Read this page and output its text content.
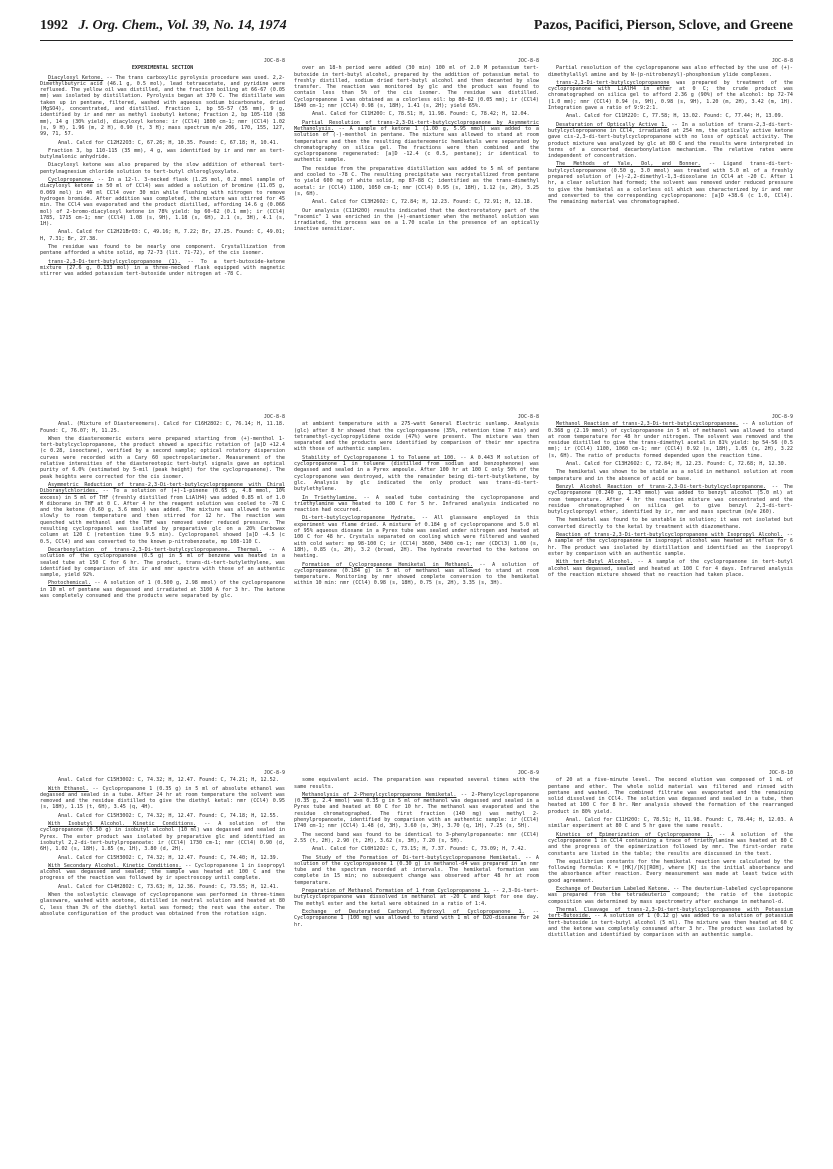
1992 J. Org. Chem., Vol. 39, No. 14, 1974	Pazos, Pacifici, Pierson, Sclove, and Greene
JOC-8-8
EXPERIMENTAL SECTION

Diacyloxyl Ketone. -- The trans carboxylic pyrolysis procedure was used. 2,2-Dimethylbutyric acid (46.1 g, 0.5 mol), lead tetraacetate, and pyridine were refluxed. The yellow oil was distilled, and the fraction boiling at 66-67 (0.05 mm) was isolated by distillation. Pyrolysis began at 370 C. The distillate was taken up in pentane, filtered, washed with aqueous sodium bicarbonate, dried (MgSO4), concentrated, and distilled. Fraction 1, bp 55-57 (35 mm), 9 g, identified by ir and nmr as methyl isobutyl ketone; Fraction 2, bp 105-110 (38 mm), 14 g (30% yield), diacyloxyl ketone: ir (CCl4) 1800 cm-1; nmr (CCl4) 1.02 (s, 9 H), 1.96 (m, 2 H), 0.90 (t, 3 H); mass spectrum m/e 206, 170, 155, 127, 99, 71, 57.

Anal. Calcd for C12H22O3: C, 67.26; H, 10.35. Found: C, 67.18; H, 10.41.

Fraction 3, bp 110-115 (35 mm), 4 g, was identified by ir and nmr as tert-butylmalonic anhydride.

Diacyloxyl ketone was also prepared by the slow addition of ethereal tert-pentylmagnesium chloride solution to tert-butyl chloroglyoxylate.

Cyclopropanone. -- In a 12-l. 3-necked flask (1.25 mol, 0.2 mmol sample of diacyloxyl ketone in 50 ml of CCl4) was added a solution of bromine (11.05 g, 0.069 mol) in 40 ml CCl4 over 30 min while flushing with nitrogen to remove hydrogen bromide. After addition was completed, the mixture was stirred for 45 min. The CCl4 was evaporated and the product distilled, affording 14.6 g (0.066 mol) of 2-bromo-diacyloxyl ketone in 78% yield: bp 60-62 (0.1 mm); ir (CCl4) 1785, 1715 cm-1; nmr (CCl4) 1.08 (s, 9H), 1.18 (s, 6H), 2.1 (s, 3H), 4.1 (s, 1H).

Anal. Calcd for C12H21BrO3: C, 49.16; H, 7.22; Br, 27.25. Found: C, 49.01; H, 7.31; Br, 27.38.

The residue was found to be nearly one component. Crystallization from pentane afforded a white solid, mp 72-73 (lit. 71-72), of the cis isomer.

trans-2,3-Di-tert-butylcyclopropanone (1). -- To a tert-butoxide-ketone mixture (27.6 g, 0.133 mol) in a three-necked flask equipped with magnetic stirrer was added potassium tert-butoxide under nitrogen at -78 C.

JOC-8-8

over an 18-h period were added (30 min) 100 ml of 2.0 M potassium tert-butoxide in tert-butyl alcohol, prepared by the addition of potassium metal to freshly distilled, sodium dried tert-butyl alcohol and then decanted by slow transfer. The reaction was monitored by glc and the product was found to contain less than 5% of the cis isomer. The residue was distilled. Cyclopropanone 1 was obtained as a colorless oil: bp 80-82 (0.05 mm); ir (CCl4) 1840 cm-1; nmr (CCl4) 0.98 (s, 18H), 1.41 (s, 2H); yield 65%.

Anal. Calcd for C11H20O: C, 78.51; H, 11.98. Found: C, 78.42; H, 12.04.

Partial Resolution of trans-2,3-Di-tert-butylcyclopropanone by Asymmetric Methanolysis. -- A sample of ketone 1 (1.00 g, 5.95 mmol) was added to a solution of (-)-menthol in pentane. The mixture was allowed to stand at room temperature and then the resulting diastereomeric hemiketals were separated by chromatography on silica gel. The fractions were then combined and the cyclopropanone regenerated: [a]D -12.4 (c 0.5, pentane); ir identical to authentic sample.

The residue from the preparative distillation was added to 5 ml of pentane and cooled to -78 C. The resulting precipitate was recrystallized from pentane to yield 600 mg of white solid, mp 87-88 C; identified as the trans-dimethyl acetal: ir (CCl4) 1100, 1050 cm-1; nmr (CCl4) 0.95 (s, 18H), 1.12 (s, 2H), 3.25 (s, 6H).

Anal. Calcd for C13H26O2: C, 72.84; H, 12.23. Found: C, 72.91; H, 12.18.

Our analysis (C11H20O) results indicated that the dextrorotatory part of the "racemic" 1 was enriched in the (+)-enantiomer when the methanol solution was irradiated, the process was on a 1.70 scale in the presence of an optically inactive sensitizer.

JOC-8-8

Partial resolution of the cyclopropanone was also effected by the use of (+)-dimethylallyl amine and by N-(p-nitrobenzyl)-phosphonium ylide complexes.

trans-2,3-Di-tert-butylcyclopropanone was prepared by treatment of the cyclopropanone with LiAlH4 in ether at 0 C; the crude product was chromatographed on silica gel to afford 2.36 g (90%) of the alcohol: bp 72-74 (1.0 mm); nmr (CCl4) 0.94 (s, 9H), 0.98 (s, 9H), 1.20 (m, 2H), 3.42 (m, 1H). Integration gave a ratio of 9:9:2:1.

Anal. Calcd for C11H22O: C, 77.58; H, 13.02. Found: C, 77.44; H, 13.09.

Desaturation of Optically Active 1. -- In a solution of trans-2,3-di-tert-butylcyclopropanone in CCl4, irradiated at 254 nm, the optically active ketone gave cis-2,3-di-tert-butylcyclopropanone with no loss of optical activity. The product mixture was analyzed by glc at 80 C and the results were interpreted in terms of a concerted decarbonylation mechanism. The relative rates were independent of concentration.

The Methods of Yale, Dol, and Bonner. -- Ligand trans-di-tert-butylcyclopropanone (0.50 g, 3.0 mmol) was treated with 5.0 ml of a freshly prepared solution of (+)-2,2-dimethyl-1,3-dioxolane in CCl4 at -20 C. After 1 hr, a clear solution had formed; the solvent was removed under reduced pressure to give the hemiketal as a colorless oil which was characterized by ir and nmr and converted to the corresponding cyclopropanone: [a]D +38.6 (c 1.0, CCl4). The remaining material was chromatographed.

JOC-8-8

Anal. (Mixture of Diastereomers). Calcd for C16H28O2: C, 76.14; H, 11.18. Found: C, 76.07; H, 11.25.

When the diastereomeric esters were prepared starting from (+)-menthol 1-tert-butylcyclopropanone, the product showed a specific rotation of [a]D +12.4 (c 0.28, isooctane), verified by a second sample; optical rotatory dispersion curves were recorded with a Cary 60 spectropolarimeter. Measurement of the relative intensities of the diastereotopic tert-butyl signals gave an optical purity of 6.0% (estimated by 5-mil (peak height) for the cyclopropanone). The peak heights were corrected for the cis isomer.

Asymmetric Reduction of trans-2,3-Di-tert-butylcyclopropanone with Chiral Diboranylchlorides. -- To a solution of (+)-1-pinene (0.65 g, 4.8 mmol, 10% excess) in 5 ml of THF (freshly distilled from LiAlH4) was added 0.85 ml of 1.0 M diborane in THF at 0 C. After 4 hr the reagent solution was cooled to -78 C and the ketone (0.60 g, 3.6 mmol) was added. The mixture was allowed to warm slowly to room temperature and then stirred for 12 hr. The reaction was quenched with methanol and the THF was removed under reduced pressure. The resulting cyclopropanol was isolated by preparative glc on a 20% Carbowax column at 120 C (retention time 9.5 min). Cyclopropanol showed [a]D -4.5 (c 0.5, CCl4) and was converted to the known p-nitrobenzoate, mp 108-110 C.

Decarbonylation of trans-2,3-Di-tert-butylcyclopropanone. Thermal. -- A solution of the cyclopropanone (0.5 g) in 5 ml of benzene was heated in a sealed tube at 150 C for 6 hr. The product, trans-di-tert-butylethylene, was identified by comparison of its ir and nmr spectra with those of an authentic sample, yield 92%.

Photochemical. -- A solution of 1 (0.500 g, 2.98 mmol) of the cyclopropanone in 10 ml of pentane was degassed and irradiated at 3100 A for 3 hr. The ketone was completely consumed and the products were separated by glc.

JOC-8-8

at ambient temperature with a 275-watt General Electric sunlamp. Analysis (glc) after 8 hr showed that the cyclopropanone (35%, retention time 7 min) and tetramethyl-cyclopropylidene oxide (47%) were present. The mixture was then separated and the products were identified by comparison of their nmr spectra with those of authentic samples.

Stability of Cyclopropanone 1 to Toluene at 100. -- A 0.443 M solution of cyclopropanone 1 in toluene (distilled from sodium and benzophenone) was degassed and sealed in a Pyrex ampoule. After 100 hr at 100 C only 50% of the cyclopropanone was destroyed, with the remainder being di-tert-butylketene, by glc. Analysis by glc indicated the only product was trans-di-tert-butylethylene.

In Triethylamine. -- A sealed tube containing the cyclopropanone and triethylamine was heated to 100 C for 5 hr. Infrared analysis indicated no reaction had occurred.

Di-tert-butylcyclopropanone Hydrate. -- All glassware employed in this experiment was flame dried. A mixture of 0.184 g of cyclopropanone and 5.0 ml of 95% aqueous dioxane in a Pyrex tube was sealed under nitrogen and heated at 100 C for 48 hr. Crystals separated on cooling which were filtered and washed with cold water: mp 98-100 C; ir (CCl4) 3600, 3400 cm-1; nmr (CDCl3) 1.00 (s, 18H), 0.85 (s, 2H), 3.2 (broad, 2H). The hydrate reverted to the ketone on heating.

Formation of Cyclopropanone Hemiketal in Methanol. -- A solution of cyclopropanone (0.184 g) in 5 ml of methanol was allowed to stand at room temperature. Monitoring by nmr showed complete conversion to the hemiketal within 10 min: nmr (CCl4) 0.98 (s, 18H), 0.75 (s, 2H), 3.35 (s, 3H).

JOC-8-9

Methanol Reaction of trans-2,3-Di-tert-butylcyclopropanone. -- A solution of 0.368 g (2.19 mmol) of cyclopropanone in 5 ml of methanol was allowed to stand at room temperature for 48 hr under nitrogen. The solvent was removed and the residue distilled to give the trans-dimethyl acetal in 81% yield: bp 54-56 (0.5 mm); ir (CCl4) 1100, 1060 cm-1; nmr (CCl4) 0.92 (s, 18H), 1.05 (s, 2H), 3.22 (s, 6H). The ratio of products formed depended upon the reaction time.

Anal. Calcd for C13H26O2: C, 72.84; H, 12.23. Found: C, 72.68; H, 12.30.

The hemiketal was shown to be stable as a solid in methanol solution at room temperature and in the absence of acid or base.

Benzyl Alcohol Reaction of trans-2,3-Di-tert-butylcyclopropanone. -- The cyclopropanone (0.240 g, 1.43 mmol) was added to benzyl alcohol (5.0 ml) at room temperature. After 4 hr the reaction mixture was concentrated and the residue chromatographed on silica gel to give benzyl 2,3-di-tert-butylcyclopropyl ether, identified by ir, nmr and mass spectrum (m/e 260).

The hemiketal was found to be unstable in solution; it was not isolated but converted directly to the ketal by treatment with diazomethane.

Reaction of trans-2,3-Di-tert-butylcyclopropanone with Isopropyl Alcohol. -- A sample of the cyclopropanone in isopropyl alcohol was heated at reflux for 6 hr. The product was isolated by distillation and identified as the isopropyl ester by comparison with an authentic sample.

With tert-Butyl Alcohol. -- A sample of the cyclopropanone in tert-butyl alcohol was degassed, sealed and heated at 100 C for 4 days. Infrared analysis of the reaction mixture showed that no reaction had taken place.

JOC-8-9

Anal. Calcd for C15H30O2: C, 74.32; H, 12.47. Found: C, 74.21; H, 12.52.

With Ethanol. -- Cyclopropanone 1 (0.35 g) in 5 ml of absolute ethanol was degassed and sealed in a tube. After 24 hr at room temperature the solvent was removed and the residue distilled to give the diethyl ketal: nmr (CCl4) 0.95 (s, 18H), 1.15 (t, 6H), 3.45 (q, 4H).

Anal. Calcd for C15H30O2: C, 74.32; H, 12.47. Found: C, 74.18; H, 12.55.

With Isobutyl Alcohol. Kinetic Conditions. -- A solution of the cyclopropanone (0.50 g) in isobutyl alcohol (10 ml) was degassed and sealed in Pyrex. The ester product was isolated by preparative glc and identified as isobutyl 2,2-di-tert-butylpropanoate: ir (CCl4) 1730 cm-1; nmr (CCl4) 0.90 (d, 6H), 1.02 (s, 18H), 1.85 (m, 1H), 3.80 (d, 2H).

Anal. Calcd for C15H30O2: C, 74.32; H, 12.47. Found: C, 74.40; H, 12.39.

With Secondary Alcohol. Kinetic Conditions. -- Cyclopropanone 1 in isopropyl alcohol was degassed and sealed; the sample was heated at 100 C and the progress of the reaction was followed by ir spectroscopy until complete.

Anal. Calcd for C14H28O2: C, 73.63; H, 12.36. Found: C, 73.55; H, 12.41.

When the solvolytic cleavage of cyclopropanone was performed in three-times glassware, washed with acetone, distilled in neutral solution and heated at 80 C, less than 3% of the diethyl ketal was formed; the rest was the ester. The absolute configuration of the product was obtained from the rotation sign.

JOC-8-9

some equivalent acid. The preparation was repeated several times with the same results.

Methanolysis of 2-Phenylcyclopropanone Hemiketal. -- 2-Phenylcyclopropanone (0.35 g, 2.4 mmol) was 0.35 g in 5 ml of methanol was degassed and sealed in a Pyrex tube and heated at 60 C for 10 hr. The methanol was evaporated and the residue chromatographed. The first fraction (140 mg) was methyl 2-phenylpropanoate, identified by comparison with an authentic sample: ir (CCl4) 1740 cm-1; nmr (CCl4) 1.48 (d, 3H), 3.60 (s, 3H), 3.70 (q, 1H), 7.25 (s, 5H).

The second band was found to be identical to 3-phenylpropanoate: nmr (CCl4) 2.55 (t, 2H), 2.90 (t, 2H), 3.62 (s, 3H), 7.20 (s, 5H).

Anal. Calcd for C10H12O2: C, 73.15; H, 7.37. Found: C, 73.09; H, 7.42.

The Study of the Formation of Di-tert-butylcyclopropanone Hemiketal. -- A solution of the cyclopropanone 1 (0.30 g) in methanol-d4 was prepared in an nmr tube and the spectrum recorded at intervals. The hemiketal formation was complete in 15 min; no subsequent change was observed after 48 hr at room temperature.

Preparation of Methanol Formation of 1 from Cyclopropanone 1. -- 2,3-Di-tert-butylcyclopropanone was dissolved in methanol at -20 C and kept for one day. The methyl ester and the ketal were obtained in a ratio of 1:4.

Exchange of Deuterated Carbonyl Hydroxyl of Cyclopropanone 1. -- Cyclopropanone 1 (100 mg) was allowed to stand with 1 ml of D2O-dioxane for 24 hr.

JOC-8-10

of 20 at a five-minute level. The second elution was composed of 1 mL of pentane and ether. The whole solid material was filtered and rinsed with pentane and washed. The combined filtrate was evaporated and the remaining solid dissolved in CCl4. The solution was degassed and sealed in a tube, then heated at 100 C for 8 hr. Nmr analysis showed the formation of the rearranged product in 80% yield.

Anal. Calcd for C11H20O: C, 78.51; H, 11.98. Found: C, 78.44; H, 12.03. A similar experiment at 80 C and 5 hr gave the same result.

Kinetics of Epimerization of Cyclopropanone 1. -- A solution of the cyclopropanone 1 in CCl4 containing a trace of triethylamine was heated at 80 C and the progress of the epimerization followed by nmr. The first-order rate constants are listed in the table; the results are discussed in the text.

The equilibrium constants for the hemiketal reaction were calculated by the following formula: K = [HK]/[K][ROH], where [K] is the initial absorbance and the absorbance after reaction. Every measurement was made at least twice with good agreement.

Exchange of Deuterium Labeled Ketone. -- The deuterium-labeled cyclopropanone was prepared from the tetradeuterio compound; the ratio of the isotopic composition was determined by mass spectrometry after exchange in methanol-d.

Thermal Cleavage of trans-2,3-Di-tert-butylcyclopropanone with Potassium tert-Butoxide. -- A solution of 1 (0.12 g) was added to a solution of potassium tert-butoxide in tert-butyl alcohol (5 ml). The mixture was then heated at 60 C and the ketone was completely consumed after 3 hr. The product was isolated by distillation and identified by comparison with an authentic sample.
